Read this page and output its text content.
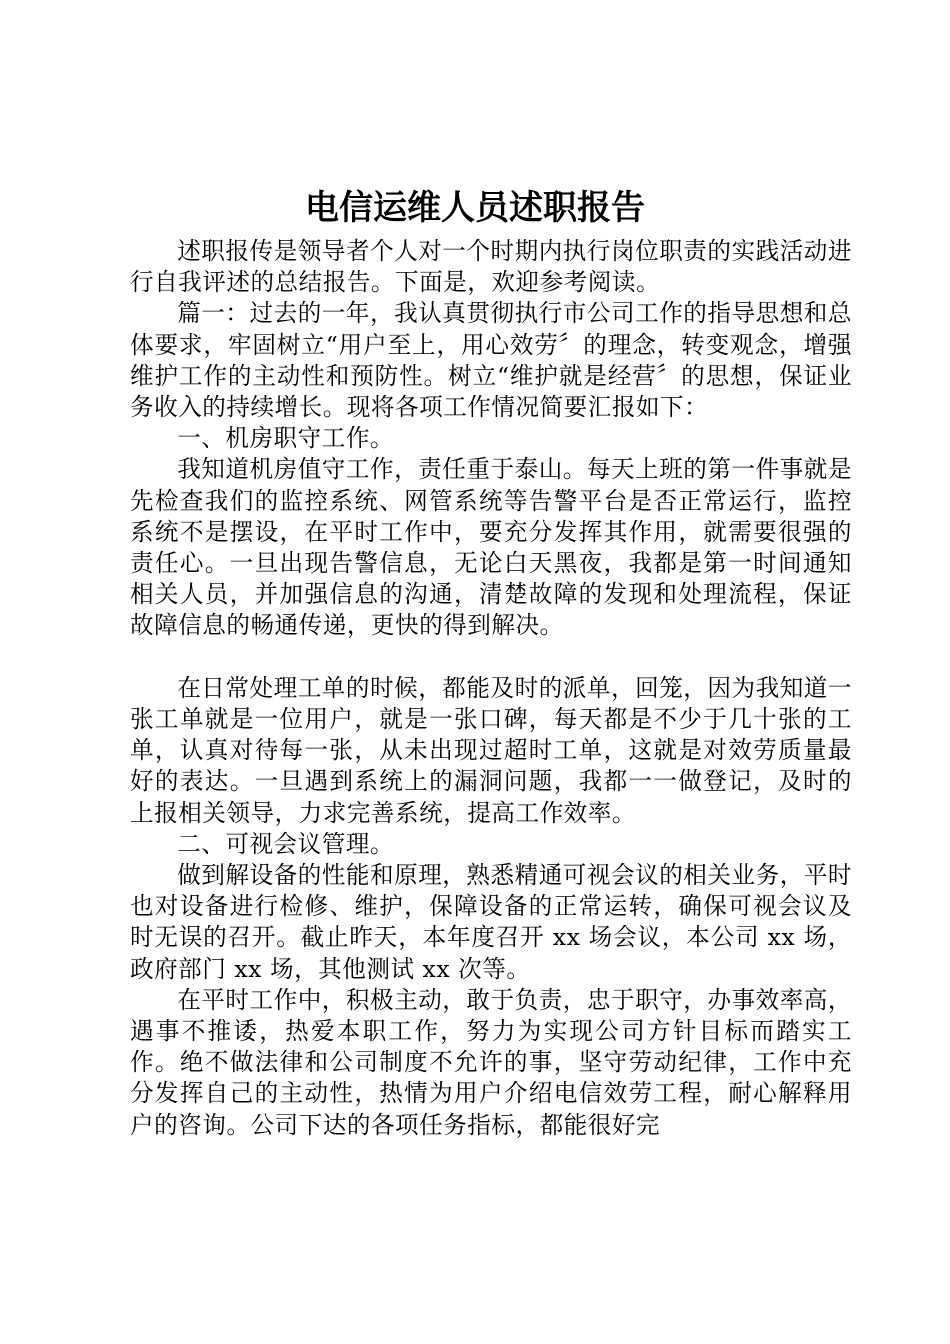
电信运维人员述职报告

述职报传是领导者个人对一个时期内执行岗位职责的实践活动进行自我评述的总结报告。下面是，欢迎参考阅读。

篇一：过去的一年，我认真贯彻执行市公司工作的指导思想和总体要求，牢固树立“用户至上，用心效劳〞的理念，转变观念，增强维护工作的主动性和预防性。树立“维护就是经营〞的思想，保证业务收入的持续增长。现将各项工作情况简要汇报如下：

一、机房职守工作。

我知道机房值守工作，责任重于泰山。每天上班的第一件事就是先检查我们的监控系统、网管系统等告警平台是否正常运行，监控系统不是摆设，在平时工作中，要充分发挥其作用，就需要很强的责任心。一旦出现告警信息，无论白天黑夜，我都是第一时间通知相关人员，并加强信息的沟通，清楚故障的发现和处理流程，保证故障信息的畅通传递，更快的得到解决。

在日常处理工单的时候，都能及时的派单，回笼，因为我知道一张工单就是一位用户，就是一张口碑，每天都是不少于几十张的工单，认真对待每一张，从未出现过超时工单，这就是对效劳质量最好的表达。一旦遇到系统上的漏洞问题，我都一一做登记，及时的上报相关领导，力求完善系统，提高工作效率。

二、可视会议管理。

做到解设备的性能和原理，熟悉精通可视会议的相关业务，平时也对设备进行检修、维护，保障设备的正常运转，确保可视会议及时无误的召开。截止昨天，本年度召开 xx 场会议，本公司 xx 场，政府部门 xx 场，其他测试 xx 次等。

在平时工作中，积极主动，敢于负责，忠于职守，办事效率高，遇事不推诿，热爱本职工作，努力为实现公司方针目标而踏实工作。绝不做法律和公司制度不允许的事，坚守劳动纪律，工作中充分发挥自己的主动性，热情为用户介绍电信效劳工程，耐心解释用户的咨询。公司下达的各项任务指标，都能很好完
